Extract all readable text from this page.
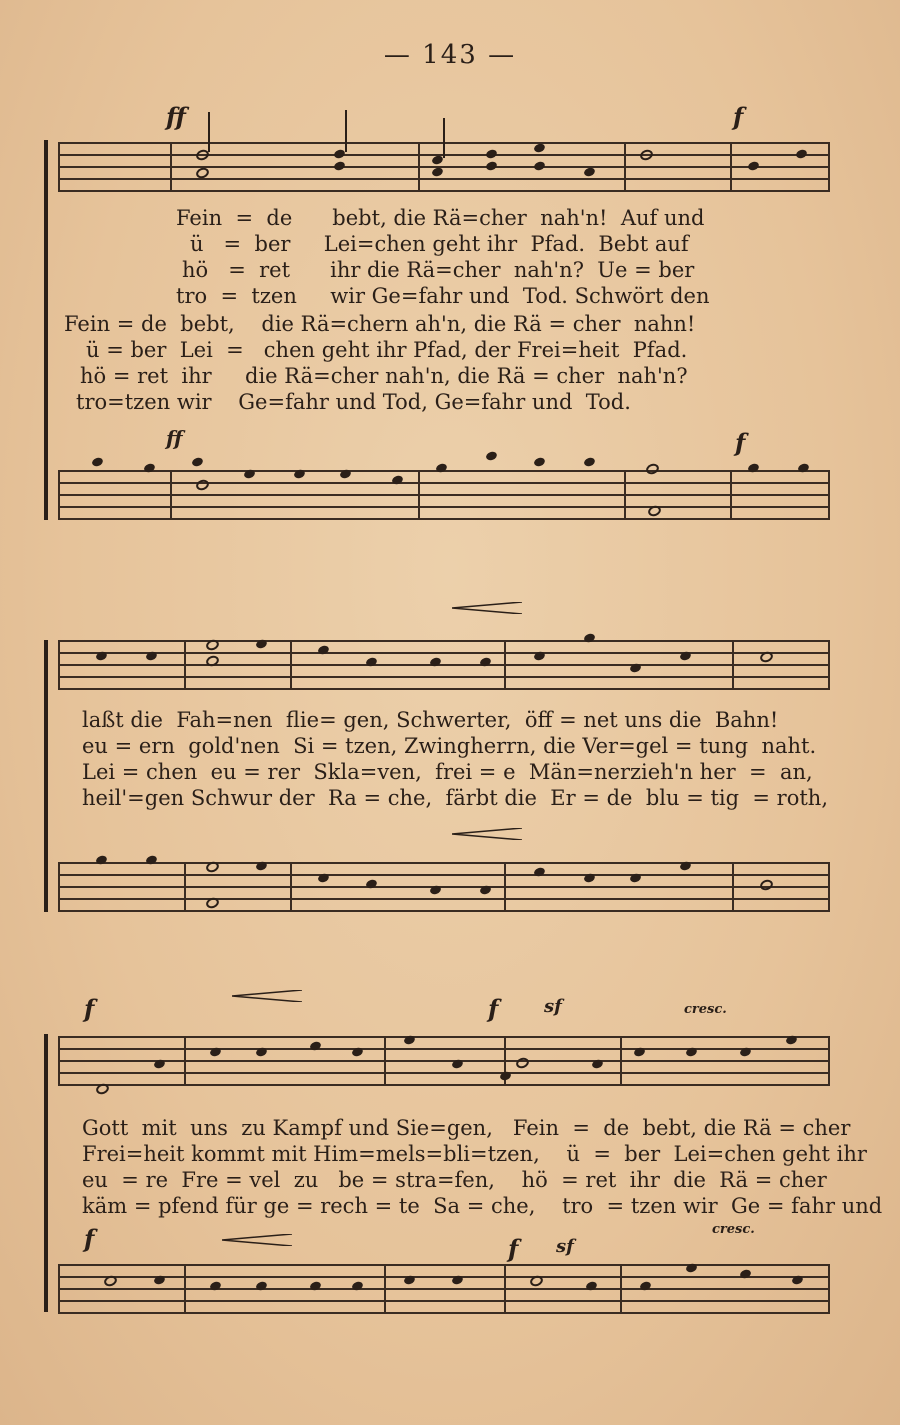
— 143 —
ff	f
Fein  =  de      bebt, die Rä=cher  nah'n!  Auf und
ü   =  ber     Lei=chen geht ihr  Pfad.  Bebt auf
hö   =  ret      ihr die Rä=cher  nah'n?  Ue = ber
tro  =  tzen     wir Ge=fahr und  Tod. Schwört den
Fein = de  bebt,    die Rä=chern ah'n, die Rä = cher  nahn!
ü = ber  Lei  =   chen geht ihr Pfad, der Frei=heit  Pfad.
hö = ret  ihr     die Rä=cher nah'n, die Rä = cher  nah'n?
tro=tzen wir    Ge=fahr und Tod, Ge=fahr und  Tod.
ff	f
laßt die  Fah=nen  flie= gen, Schwerter,  öff = net uns die  Bahn!
eu = ern  gold'nen  Si = tzen, Zwingherrn, die Ver=gel = tung  naht.
Lei = chen  eu = rer  Skla=ven,  frei = e  Män=nerzieh'n her  =  an,
heil'=gen Schwur der  Ra = che,  färbt die  Er = de  blu = tig  = roth,
f	f	sf	cresc.
Gott  mit  uns  zu Kampf und Sie=gen,   Fein  =  de  bebt, die Rä = cher
Frei=heit kommt mit Him=mels=bli=tzen,    ü  =  ber  Lei=chen geht ihr
eu  = re  Fre = vel  zu   be = stra=fen,    hö  = ret  ihr  die  Rä = cher
käm = pfend für ge = rech = te  Sa = che,    tro  = tzen wir  Ge = fahr und
f	f sf
cresc.
